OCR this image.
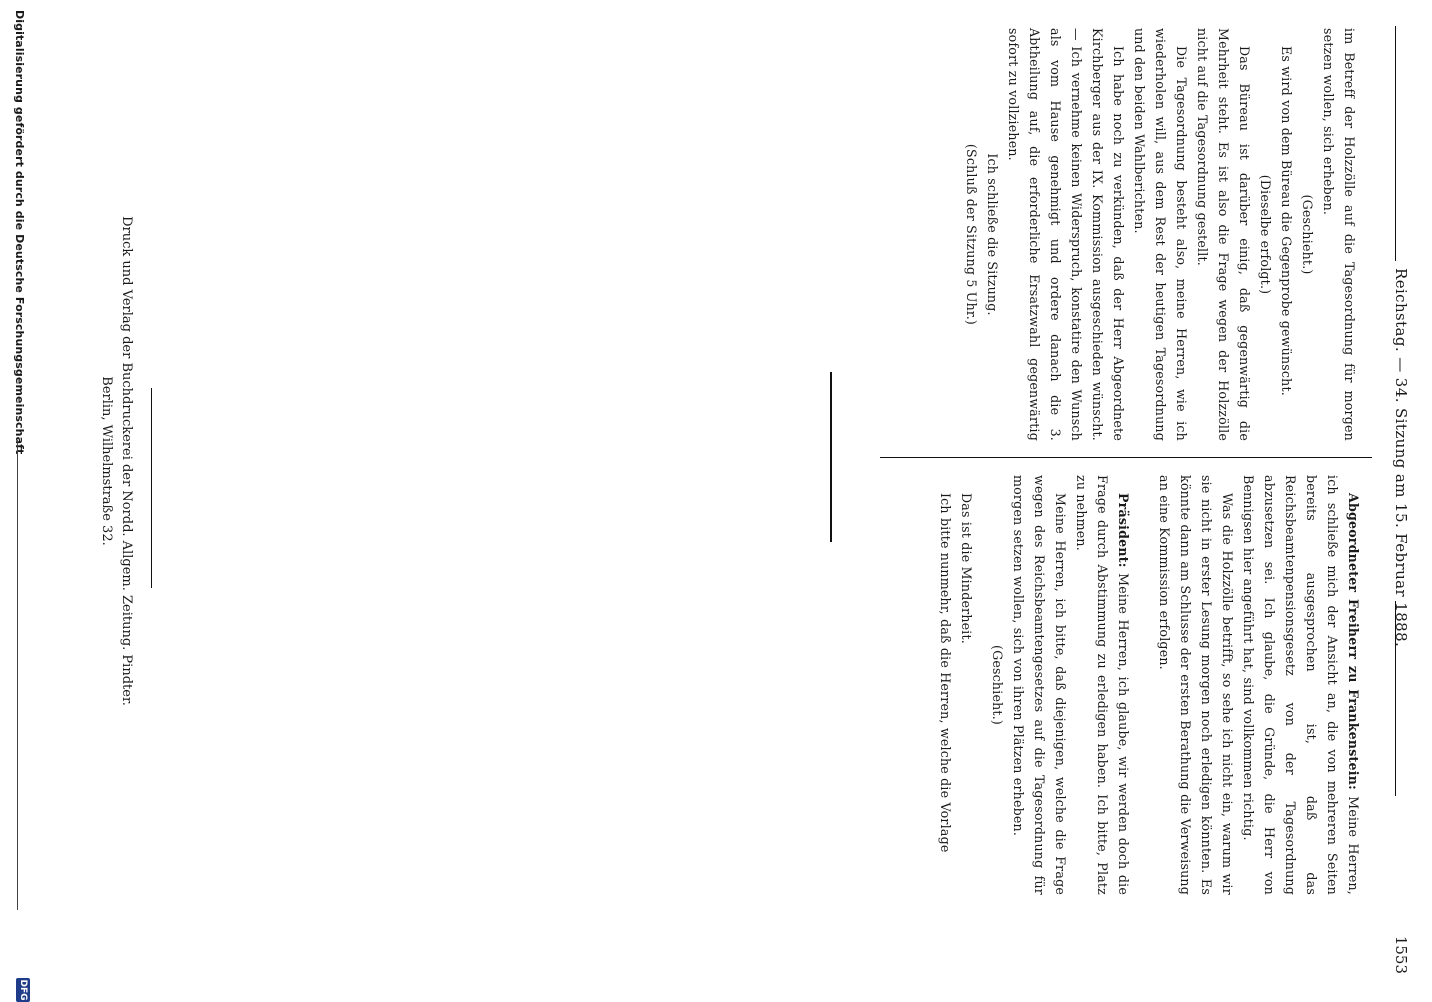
Reichstag. — 34. Sitzung am 15. Februar 1888.
1553

im Betreff der Holzzölle auf die Tagesordnung für morgen setzen wollen, sich erheben.

(Geschieht.)

Es wird von dem Büreau die Gegenprobe gewünscht.

(Dieselbe erfolgt.)

Das Büreau ist darüber einig, daß gegenwärtig die Mehrheit steht. Es ist also die Frage wegen der Holzzölle nicht auf die Tagesordnung gestellt.

Die Tagesordnung besteht also, meine Herren, wie ich wiederholen will, aus dem Rest der heutigen Tagesordnung und den beiden Wahlberichten.

Ich habe noch zu verkünden, daß der Herr Abgeordnete Kirchberger aus der IX. Kommission ausgeschieden wünscht. — Ich vernehme keinen Widerspruch, konstatire den Wunsch als vom Hause genehmigt und ordere danach die 3. Abtheilung auf, die erforderliche Ersatzwahl gegenwärtig sofort zu vollziehen.

Ich schließe die Sitzung.

(Schluß der Sitzung 5 Uhr.)

Abgeordneter Freiherr zu Frankenstein: Meine Herren, ich schließe mich der Ansicht an, die von mehreren Seiten bereits ausgesprochen ist, daß das Reichsbeamtenpensionsgesetz von der Tagesordnung abzusetzen sei. Ich glaube, die Gründe, die Herr von Bennigsen hier angeführt hat, sind vollkommen richtig.

Was die Holzzölle betrifft, so sehe ich nicht ein, warum wir sie nicht in erster Lesung morgen noch erledigen könnten. Es könnte dann am Schlusse der ersten Berathung die Verweisung an eine Kommission erfolgen.

Präsident: Meine Herren, ich glaube, wir werden doch die Frage durch Abstimmung zu erledigen haben. Ich bitte, Platz zu nehmen.

Meine Herren, ich bitte, daß diejenigen, welche die Frage wegen des Reichsbeamtengesetzes auf die Tagesordnung für morgen setzen wollen, sich von ihren Plätzen erheben.

(Geschieht.)

Das ist die Minderheit.

Ich bitte nunmehr, daß die Herren, welche die Vorlage

Druck und Verlag der Buchdruckerei der Nordd. Allgem. Zeitung. Pindter.
Berlin, Wilhelmstraße 32.
Digitalisierung gefördert durch die Deutsche Forschungsgemeinschaft
DFG
